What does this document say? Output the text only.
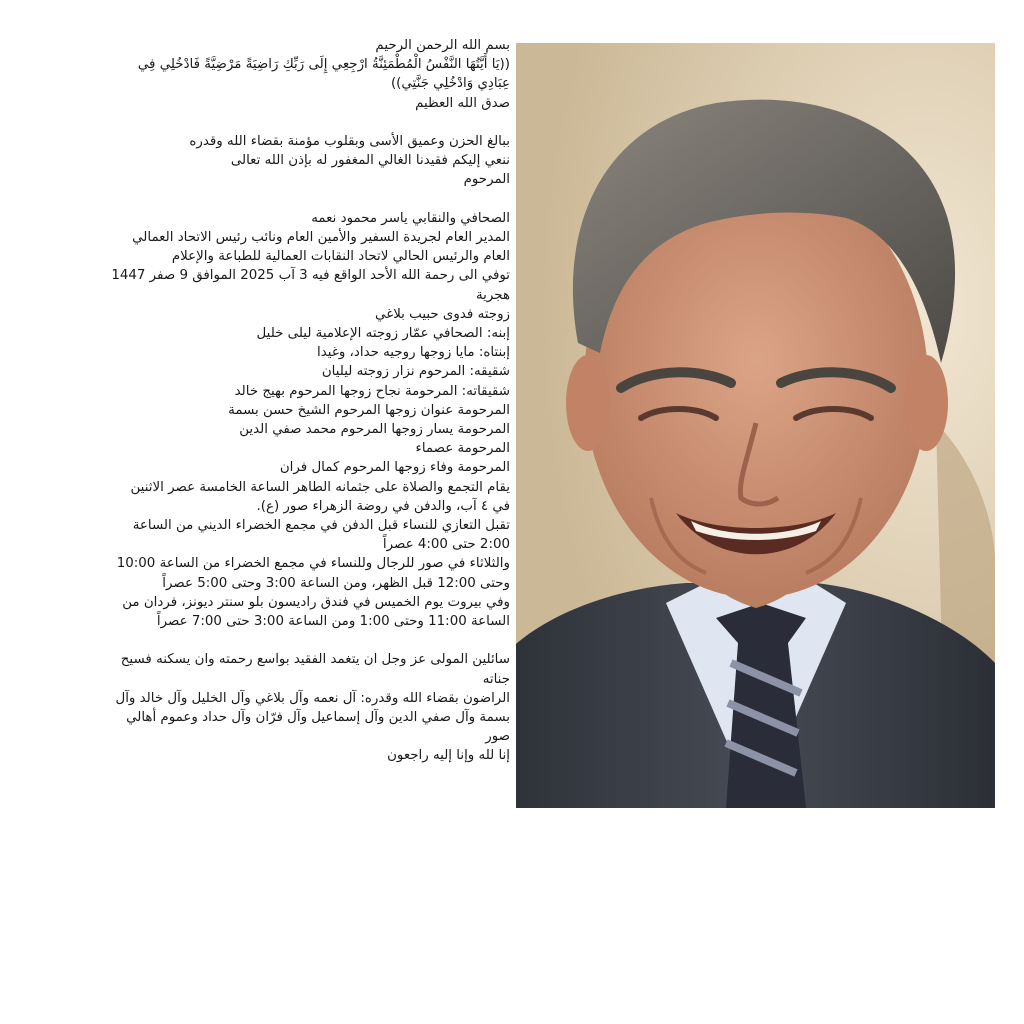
بسم الله الرحمن الرحيم
((يَا أَيَّتُهَا النَّفْسُ الْمُطْمَئِنَّةُ ارْجِعِي إِلَى رَبِّكِ رَاضِيَةً مَرْضِيَّةً فَادْخُلِي فِي
عِبَادِي وَادْخُلِي جَنَّتِي))
صدق الله العظيم
ببالغ الحزن وعميق الأسى وبقلوب مؤمنة بقضاء الله وقدره
ننعي إليكم فقيدنا الغالي المغفور له بإذن الله تعالى
المرحوم
الصحافي والنقابي ياسر محمود نعمه
المدير العام لجريدة السفير والأمين العام ونائب رئيس الاتحاد العمالي
العام والرئيس الحالي لاتحاد النقابات العمالية للطباعة والإعلام
توفي الى رحمة الله الأحد الواقع فيه 3 آب 2025 الموافق 9 صفر 1447
هجرية
زوجته فدوى حبيب بلاغي
إبنه: الصحافي عمّار زوجته الإعلامية ليلى خليل
إبنتاه: مايا زوجها روجيه حداد، وغيدا
شقيقه: المرحوم نزار زوجته ليليان
شقيقاته: المرحومة نجاح زوجها المرحوم بهيج خالد
المرحومة عنوان زوجها المرحوم الشيخ حسن بسمة
المرحومة يسار زوجها المرحوم محمد صفي الدين
المرحومة عصماء
المرحومة وفاء زوجها المرحوم كمال فران
يقام التجمع والصلاة على جثمانه الطاهر الساعة الخامسة عصر الاثنين
في ٤ آب، والدفن في روضة الزهراء صور (ع).
تقبل التعازي للنساء قبل الدفن في مجمع الخضراء الديني من الساعة
2:00 حتى 4:00 عصراً
والثلاثاء في صور للرجال وللنساء في مجمع الخضراء من الساعة 10:00
وحتى 12:00 قبل الظهر، ومن الساعة 3:00 وحتى 5:00 عصراً
وفي بيروت يوم الخميس في فندق راديسون بلو سنتر ديونز، فردان من
الساعة 11:00 وحتى 1:00 ومن الساعة 3:00 حتى 7:00 عصراً
سائلين المولى عز وجل ان يتغمد الفقيد بواسع رحمته وان يسكنه فسيح
جناته
الراضون بقضاء الله وقدره: آل نعمه وآل بلاغي وآل الخليل وآل خالد وآل
بسمة وآل صفي الدين وآل إسماعيل وآل فرّان وآل حداد وعموم أهالي
صور
إنا لله وإنا إليه راجعون
